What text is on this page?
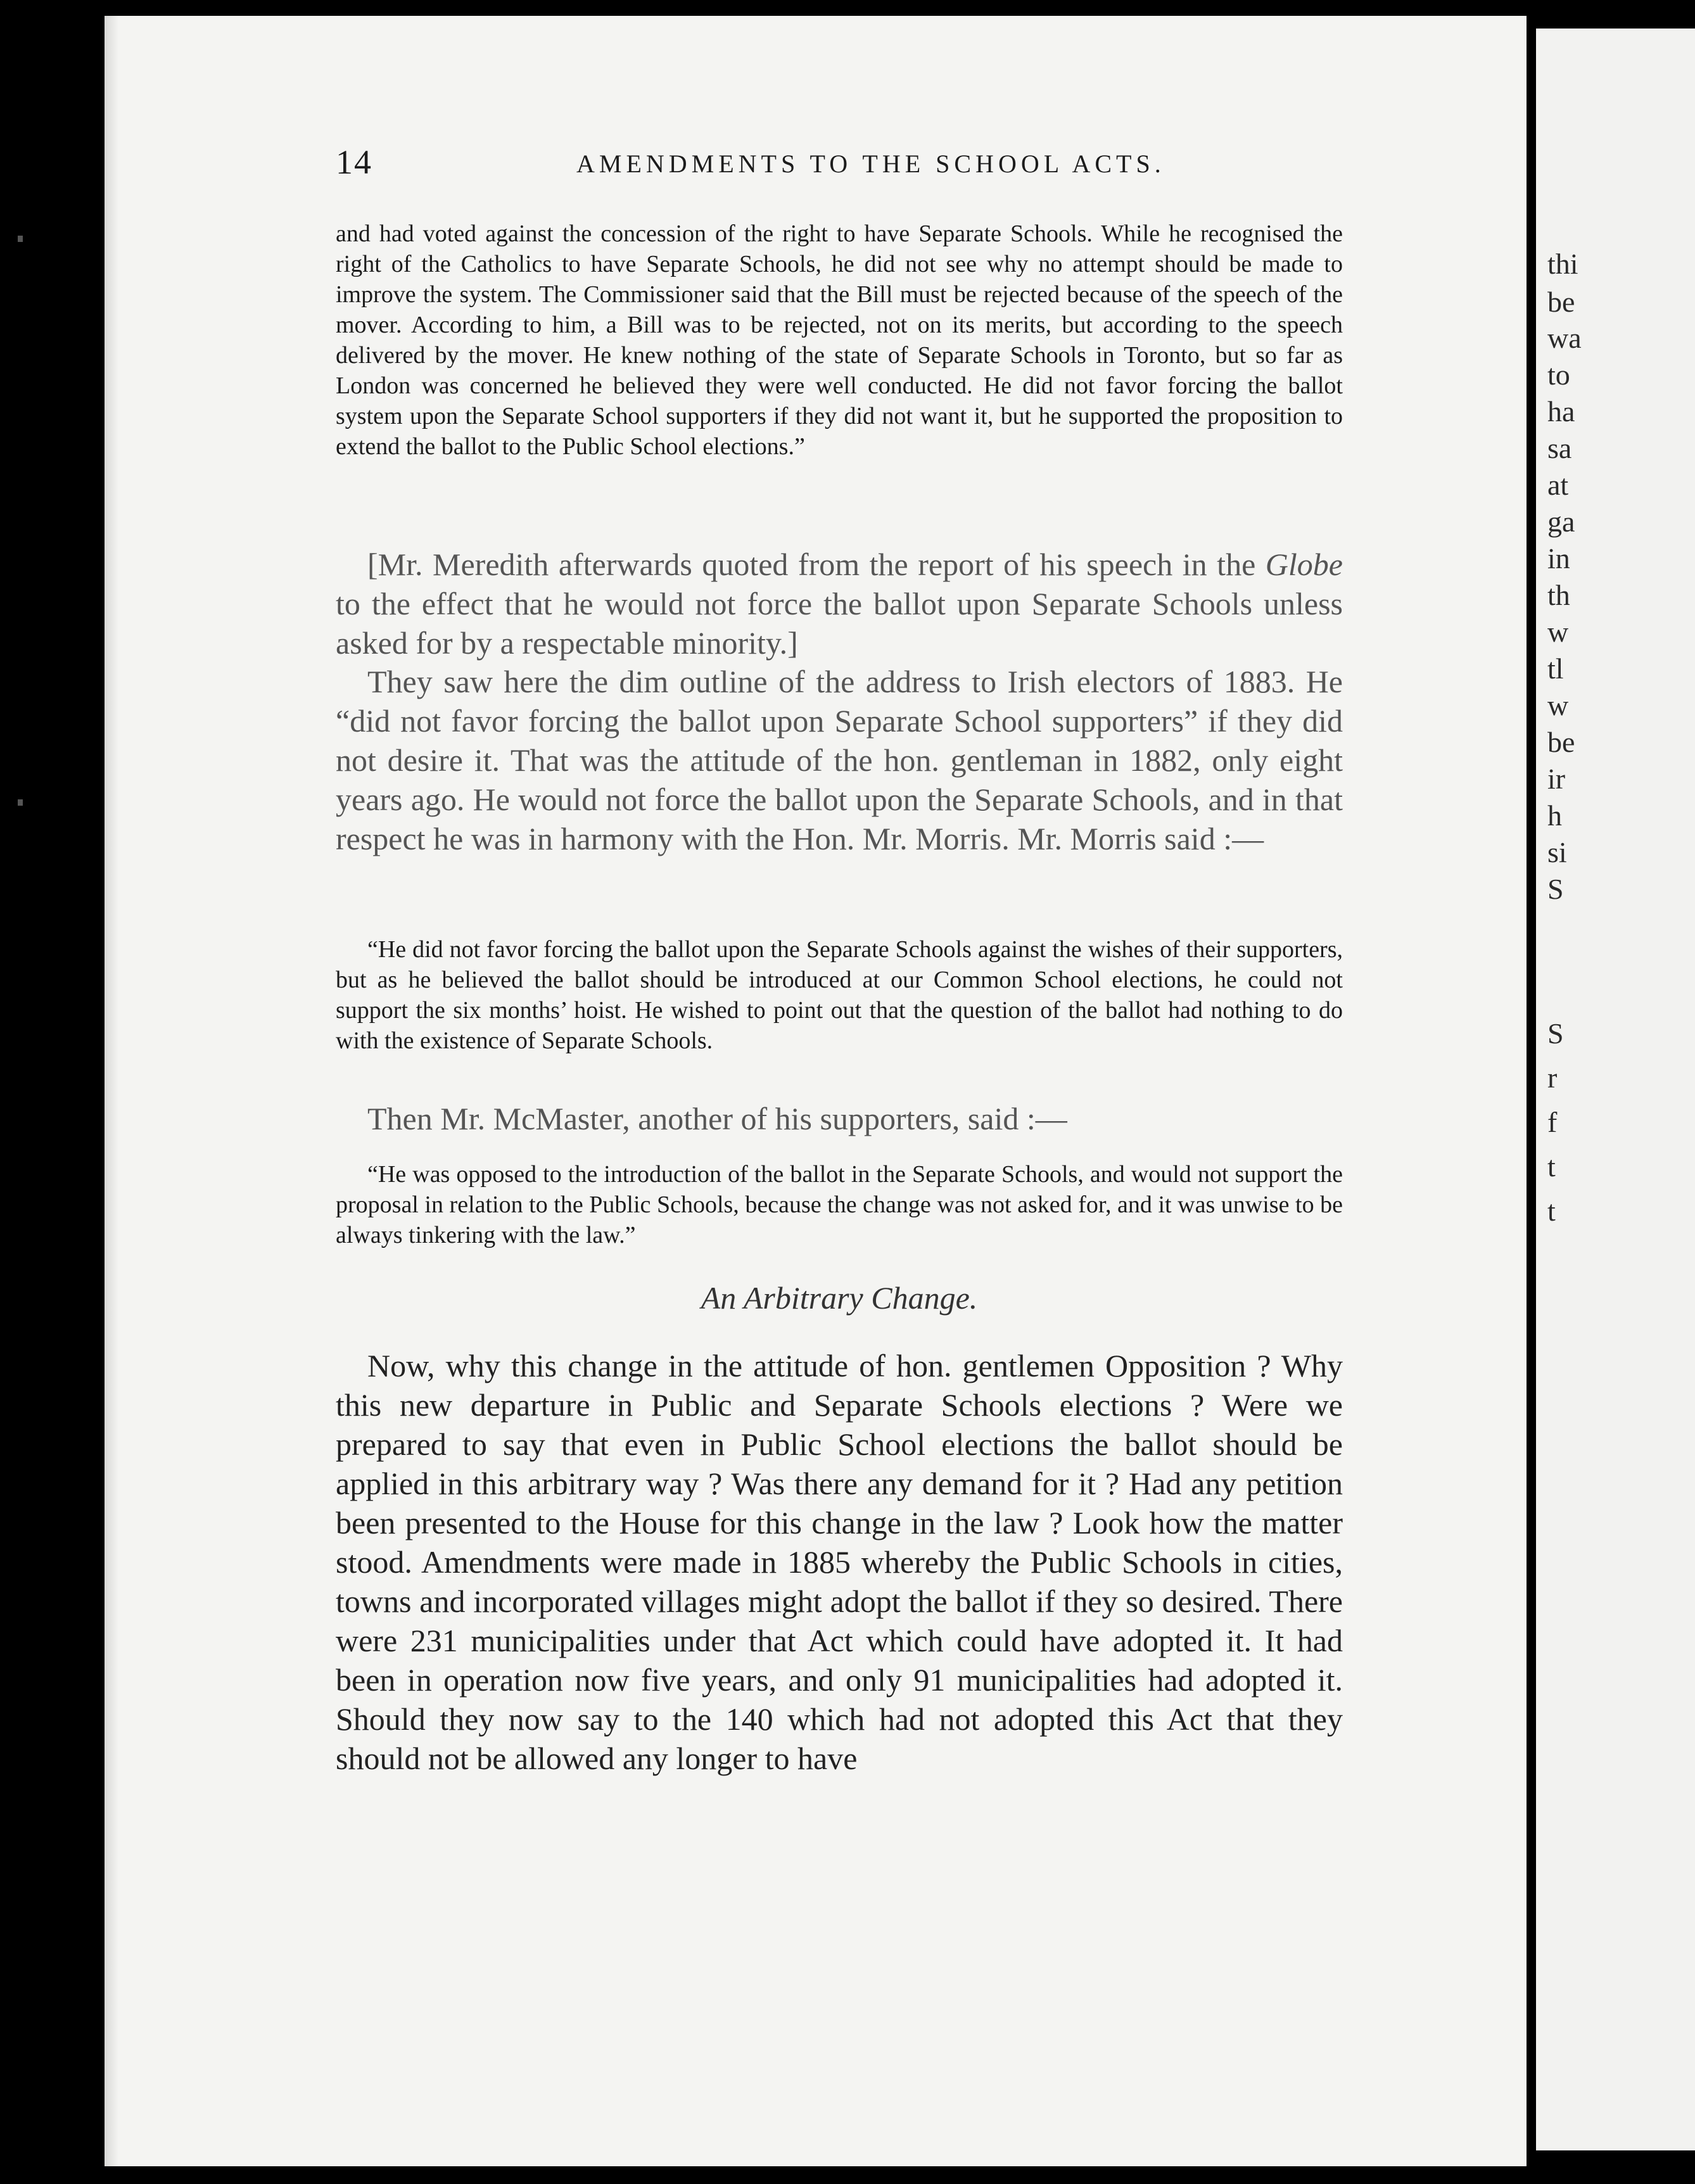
thi
be
wa
to
ha
sa
at
ga
in
th
w
tl
w
be
ir
h
si
S
S
r
f
t
t
14	AMENDMENTS TO THE SCHOOL ACTS.

and had voted against the concession of the right to have Separate Schools. While he recognised the right of the Catholics to have Separate Schools, he did not see why no attempt should be made to improve the system. The Commissioner said that the Bill must be rejected because of the speech of the mover. According to him, a Bill was to be rejected, not on its merits, but according to the speech delivered by the mover. He knew nothing of the state of Separate Schools in Toronto, but so far as London was concerned he believed they were well conducted. He did not favor forcing the ballot system upon the Separate School supporters if they did not want it, but he supported the proposition to extend the ballot to the Public School elections.”

[Mr. Meredith afterwards quoted from the report of his speech in the Globe to the effect that he would not force the ballot upon Separate Schools unless asked for by a respectable minority.]

They saw here the dim outline of the address to Irish electors of 1883. He “did not favor forcing the ballot upon Separate School supporters” if they did not desire it. That was the attitude of the hon. gentleman in 1882, only eight years ago. He would not force the ballot upon the Separate Schools, and in that respect he was in harmony with the Hon. Mr. Morris. Mr. Morris said :—

“He did not favor forcing the ballot upon the Separate Schools against the wishes of their supporters, but as he believed the ballot should be introduced at our Common School elections, he could not support the six months’ hoist. He wished to point out that the question of the ballot had nothing to do with the existence of Separate Schools.

Then Mr. McMaster, another of his supporters, said :—

“He was opposed to the introduction of the ballot in the Separate Schools, and would not support the proposal in relation to the Public Schools, because the change was not asked for, and it was unwise to be always tinkering with the law.”

An Arbitrary Change.

Now, why this change in the attitude of hon. gentlemen Opposition ? Why this new departure in Public and Separate Schools elections ? Were we prepared to say that even in Public School elections the ballot should be applied in this arbitrary way ? Was there any demand for it ? Had any petition been presented to the House for this change in the law ? Look how the matter stood. Amendments were made in 1885 whereby the Public Schools in cities, towns and incorporated villages might adopt the ballot if they so desired. There were 231 municipalities under that Act which could have adopted it. It had been in operation now five years, and only 91 municipalities had adopted it. Should they now say to the 140 which had not adopted this Act that they should not be allowed any longer to have
